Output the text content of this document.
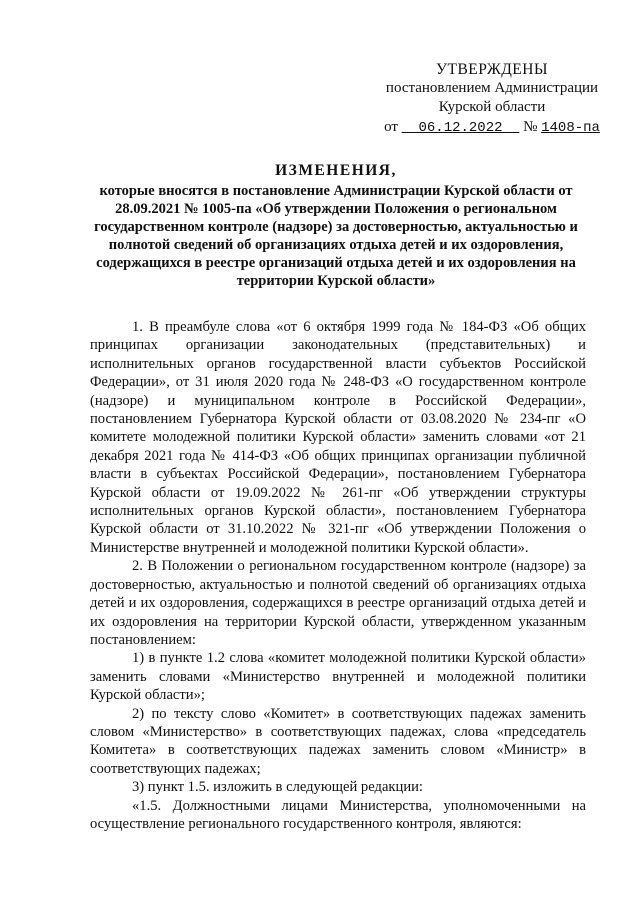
УТВЕРЖДЕНЫ
постановлением Администрации
Курской области
от 06.12.2022 № 1408-па
ИЗМЕНЕНИЯ,
которые вносятся в постановление Администрации Курской области от 28.09.2021 № 1005-па «Об утверждении Положения о региональном государственном контроле (надзоре) за достоверностью, актуальностью и полнотой сведений об организациях отдыха детей и их оздоровления, содержащихся в реестре организаций отдыха детей и их оздоровления на территории Курской области»

1. В преамбуле слова «от 6 октября 1999 года № 184-ФЗ «Об общих принципах организации законодательных (представительных) и исполнительных органов государственной власти субъектов Российской Федерации», от 31 июля 2020 года № 248-ФЗ «О государственном контроле (надзоре) и муниципальном контроле в Российской Федерации», постановлением Губернатора Курской области от 03.08.2020 № 234-пг «О комитете молодежной политики Курской области» заменить словами «от 21 декабря 2021 года № 414-ФЗ «Об общих принципах организации публичной власти в субъектах Российской Федерации», постановлением Губернатора Курской области от 19.09.2022 № 261-пг «Об утверждении структуры исполнительных органов Курской области», постановлением Губернатора Курской области от 31.10.2022 № 321-пг «Об утверждении Положения о Министерстве внутренней и молодежной политики Курской области».

2. В Положении о региональном государственном контроле (надзоре) за достоверностью, актуальностью и полнотой сведений об организациях отдыха детей и их оздоровления, содержащихся в реестре организаций отдыха детей и их оздоровления на территории Курской области, утвержденном указанным постановлением:

1) в пункте 1.2 слова «комитет молодежной политики Курской области» заменить словами «Министерство внутренней и молодежной политики Курской области»;

2) по тексту слово «Комитет» в соответствующих падежах заменить словом «Министерство» в соответствующих падежах, слова «председатель Комитета» в соответствующих падежах заменить словом «Министр» в соответствующих падежах;

3) пункт 1.5. изложить в следующей редакции:

«1.5. Должностными лицами Министерства, уполномоченными на осуществление регионального государственного контроля, являются:
